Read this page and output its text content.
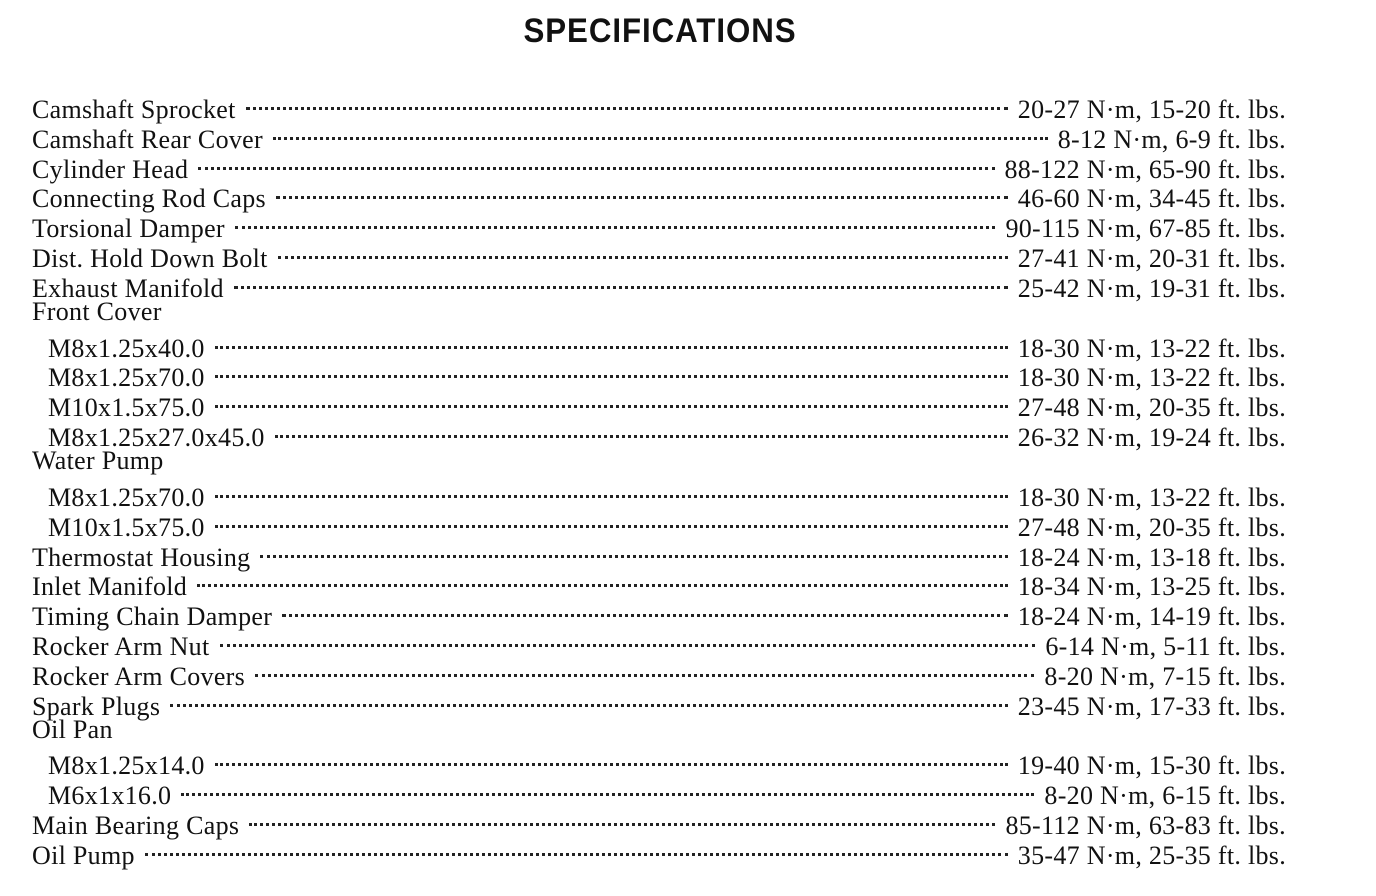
SPECIFICATIONS
Camshaft Sprocket	20-27 N·m, 15-20 ft. lbs.
Camshaft Rear Cover	8-12 N·m, 6-9 ft. lbs.
Cylinder Head	88-122 N·m, 65-90 ft. lbs.
Connecting Rod Caps	46-60 N·m, 34-45 ft. lbs.
Torsional Damper	90-115 N·m, 67-85 ft. lbs.
Dist. Hold Down Bolt	27-41 N·m, 20-31 ft. lbs.
Exhaust Manifold	25-42 N·m, 19-31 ft. lbs.
Front Cover
M8x1.25x40.0	18-30 N·m, 13-22 ft. lbs.
M8x1.25x70.0	18-30 N·m, 13-22 ft. lbs.
M10x1.5x75.0	27-48 N·m, 20-35 ft. lbs.
M8x1.25x27.0x45.0	26-32 N·m, 19-24 ft. lbs.
Water Pump
M8x1.25x70.0	18-30 N·m, 13-22 ft. lbs.
M10x1.5x75.0	27-48 N·m, 20-35 ft. lbs.
Thermostat Housing	18-24 N·m, 13-18 ft. lbs.
Inlet Manifold	18-34 N·m, 13-25 ft. lbs.
Timing Chain Damper	18-24 N·m, 14-19 ft. lbs.
Rocker Arm Nut	6-14 N·m, 5-11 ft. lbs.
Rocker Arm Covers	8-20 N·m, 7-15 ft. lbs.
Spark Plugs	23-45 N·m, 17-33 ft. lbs.
Oil Pan
M8x1.25x14.0	19-40 N·m, 15-30 ft. lbs.
M6x1x16.0	8-20 N·m, 6-15 ft. lbs.
Main Bearing Caps	85-112 N·m, 63-83 ft. lbs.
Oil Pump	35-47 N·m, 25-35 ft. lbs.
